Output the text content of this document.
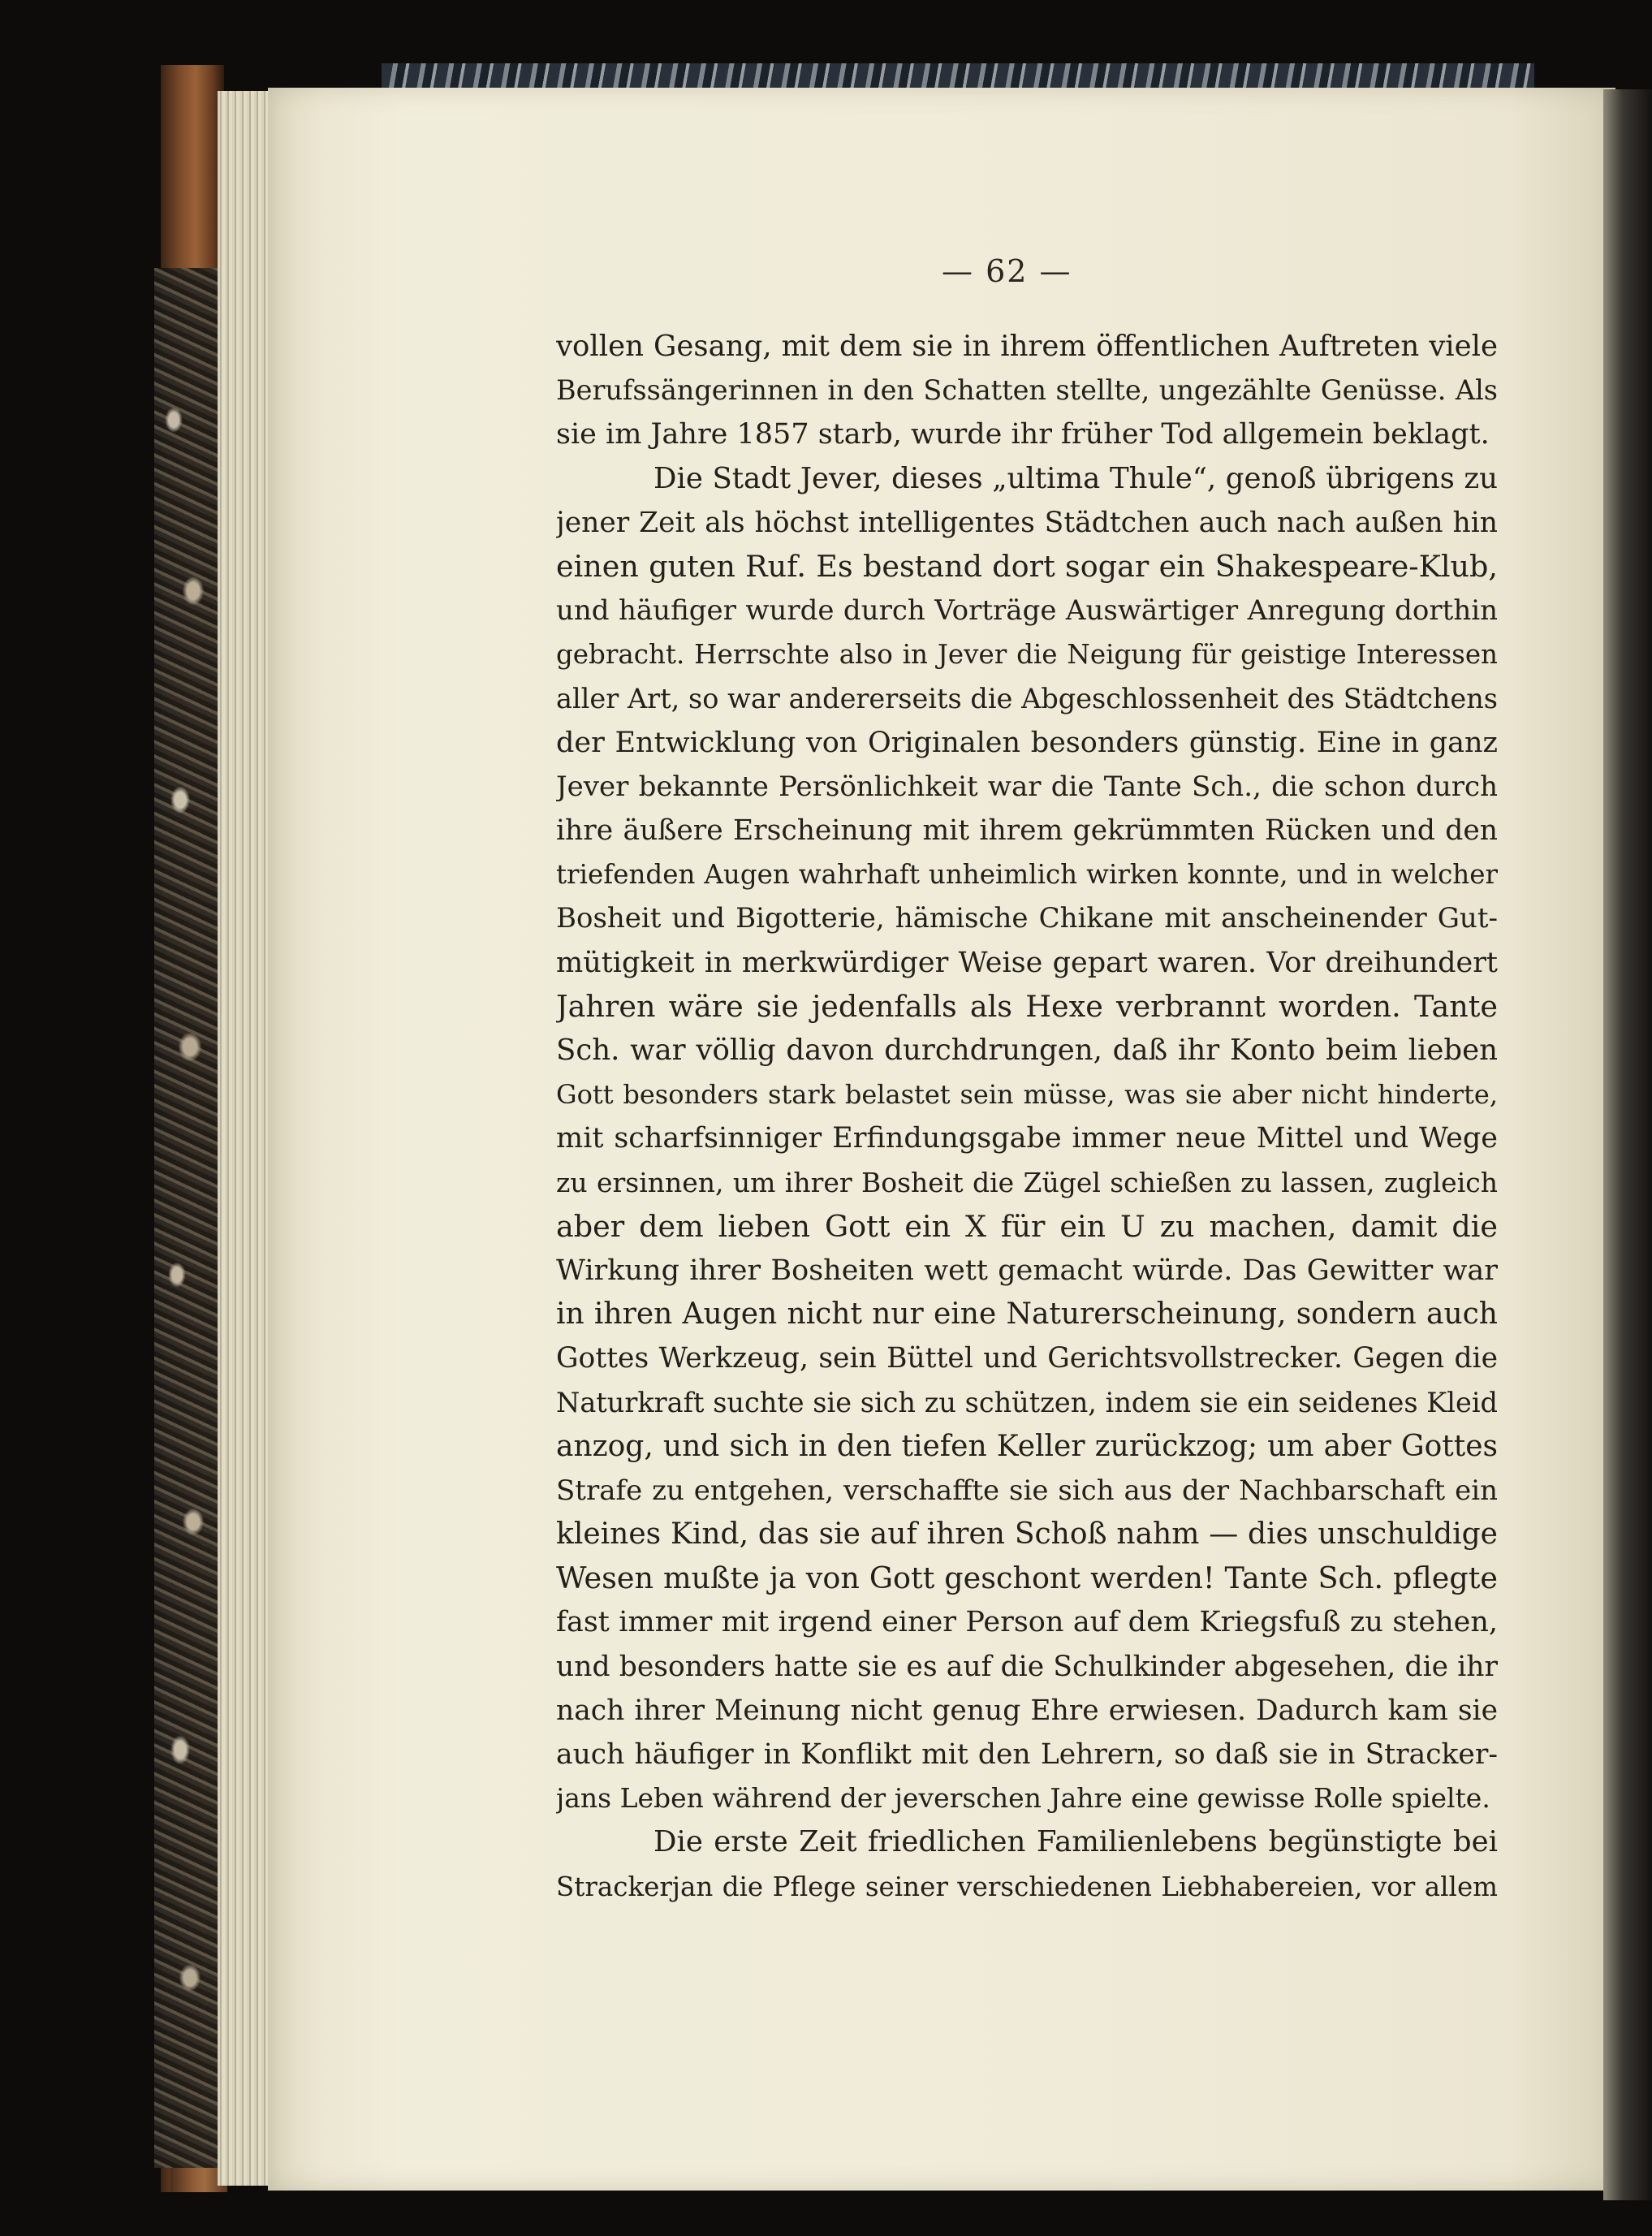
— 62 —
vollen Gesang, mit dem sie in ihrem öffentlichen Auftreten viele
Berufssängerinnen in den Schatten stellte, ungezählte Genüsse. Als
sie im Jahre 1857 starb, wurde ihr früher Tod allgemein beklagt.
Die Stadt Jever, dieses „ultima Thule“, genoß übrigens zu
jener Zeit als höchst intelligentes Städtchen auch nach außen hin
einen guten Ruf. Es bestand dort sogar ein Shakespeare-Klub,
und häufiger wurde durch Vorträge Auswärtiger Anregung dorthin
gebracht. Herrschte also in Jever die Neigung für geistige Interessen
aller Art, so war andererseits die Abgeschlossenheit des Städtchens
der Entwicklung von Originalen besonders günstig. Eine in ganz
Jever bekannte Persönlichkeit war die Tante Sch., die schon durch
ihre äußere Erscheinung mit ihrem gekrümmten Rücken und den
triefenden Augen wahrhaft unheimlich wirken konnte, und in welcher
Bosheit und Bigotterie, hämische Chikane mit anscheinender Gut-
mütigkeit in merkwürdiger Weise gepart waren. Vor dreihundert
Jahren wäre sie jedenfalls als Hexe verbrannt worden. Tante
Sch. war völlig davon durchdrungen, daß ihr Konto beim lieben
Gott besonders stark belastet sein müsse, was sie aber nicht hinderte,
mit scharfsinniger Erfindungsgabe immer neue Mittel und Wege
zu ersinnen, um ihrer Bosheit die Zügel schießen zu lassen, zugleich
aber dem lieben Gott ein X für ein U zu machen, damit die
Wirkung ihrer Bosheiten wett gemacht würde. Das Gewitter war
in ihren Augen nicht nur eine Naturerscheinung, sondern auch
Gottes Werkzeug, sein Büttel und Gerichtsvollstrecker. Gegen die
Naturkraft suchte sie sich zu schützen, indem sie ein seidenes Kleid
anzog, und sich in den tiefen Keller zurückzog; um aber Gottes
Strafe zu entgehen, verschaffte sie sich aus der Nachbarschaft ein
kleines Kind, das sie auf ihren Schoß nahm — dies unschuldige
Wesen mußte ja von Gott geschont werden! Tante Sch. pflegte
fast immer mit irgend einer Person auf dem Kriegsfuß zu stehen,
und besonders hatte sie es auf die Schulkinder abgesehen, die ihr
nach ihrer Meinung nicht genug Ehre erwiesen. Dadurch kam sie
auch häufiger in Konflikt mit den Lehrern, so daß sie in Stracker-
jans Leben während der jeverschen Jahre eine gewisse Rolle spielte.
Die erste Zeit friedlichen Familienlebens begünstigte bei
Strackerjan die Pflege seiner verschiedenen Liebhabereien, vor allem
